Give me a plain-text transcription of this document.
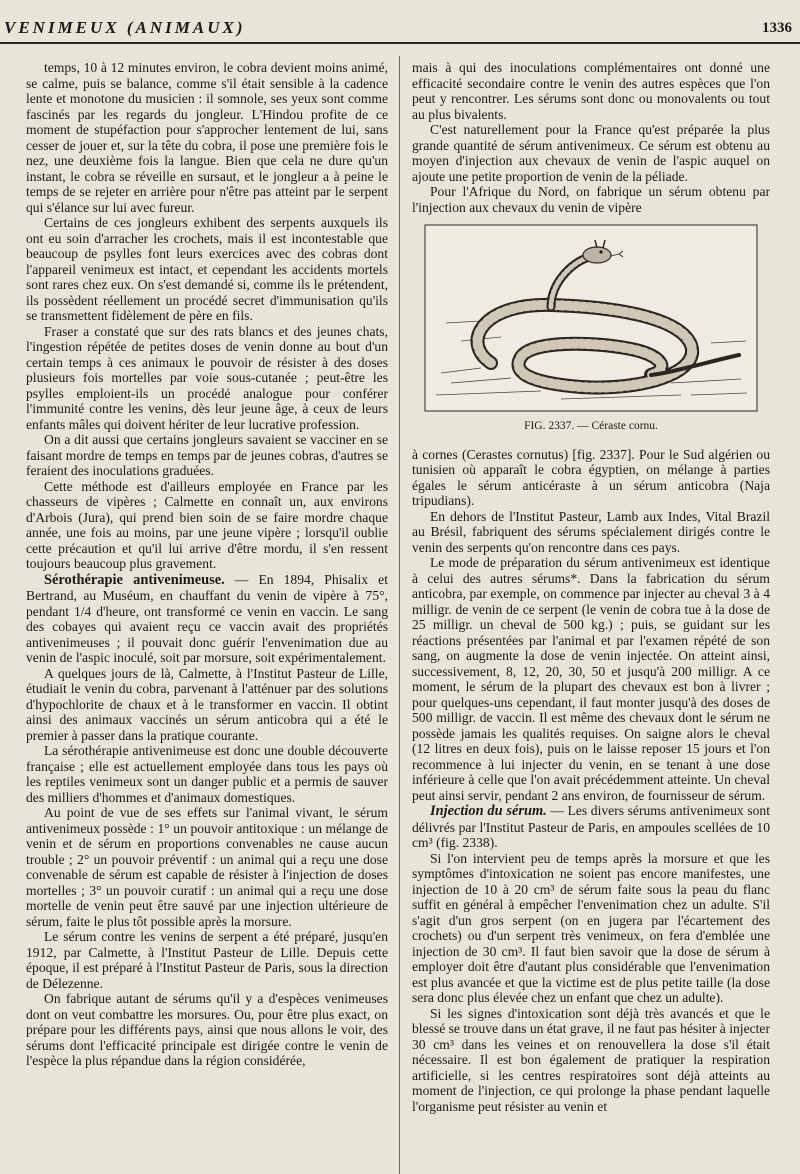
VENIMEUX (ANIMAUX)	1336

temps, 10 à 12 minutes environ, le cobra devient moins animé, se calme, puis se balance, comme s'il était sensible à la cadence lente et monotone du musicien : il somnole, ses yeux sont comme fascinés par les regards du jongleur. L'Hindou profite de ce moment de stupéfaction pour s'approcher lentement de lui, sans cesser de jouer et, sur la tête du cobra, il pose une première fois le nez, une deuxième fois la langue. Bien que cela ne dure qu'un instant, le cobra se réveille en sursaut, et le jongleur a à peine le temps de se rejeter en arrière pour n'être pas atteint par le serpent qui s'élance sur lui avec fureur.

Certains de ces jongleurs exhibent des serpents auxquels ils ont eu soin d'arracher les crochets, mais il est incontestable que beaucoup de psylles font leurs exercices avec des cobras dont l'appareil venimeux est intact, et cependant les accidents mortels sont rares chez eux. On s'est demandé si, comme ils le prétendent, ils possèdent réellement un procédé secret d'immunisation qu'ils se transmettent fidèlement de père en fils.

Fraser a constaté que sur des rats blancs et des jeunes chats, l'ingestion répétée de petites doses de venin donne au bout d'un certain temps à ces animaux le pouvoir de résister à des doses plusieurs fois mortelles par voie sous-cutanée ; peut-être les psylles emploient-ils un procédé analogue pour conférer l'immunité contre les venins, dès leur jeune âge, à ceux de leurs enfants mâles qui doivent hériter de leur lucrative profession.

On a dit aussi que certains jongleurs savaient se vacciner en se faisant mordre de temps en temps par de jeunes cobras, d'autres se feraient des inoculations graduées.

Cette méthode est d'ailleurs employée en France par les chasseurs de vipères ; Calmette en connaît un, aux environs d'Arbois (Jura), qui prend bien soin de se faire mordre chaque année, une fois au moins, par une jeune vipère ; lorsqu'il oublie cette précaution et qu'il lui arrive d'être mordu, il s'en ressent toujours beaucoup plus gravement.

Sérothérapie antivenimeuse. — En 1894, Phisalix et Bertrand, au Muséum, en chauffant du venin de vipère à 75°, pendant 1/4 d'heure, ont transformé ce venin en vaccin. Le sang des cobayes qui avaient reçu ce vaccin avait des propriétés antivenimeuses ; il pouvait donc guérir l'envenimation due au venin de l'aspic inoculé, soit par morsure, soit expérimentalement.

A quelques jours de là, Calmette, à l'Institut Pasteur de Lille, étudiait le venin du cobra, parvenant à l'atténuer par des solutions d'hypochlorite de chaux et à le transformer en vaccin. Il obtint ainsi des animaux vaccinés un sérum anticobra qui a été le premier à passer dans la pratique courante.

La sérothérapie antivenimeuse est donc une double découverte française ; elle est actuellement employée dans tous les pays où les reptiles venimeux sont un danger public et a permis de sauver des milliers d'hommes et d'animaux domestiques.

Au point de vue de ses effets sur l'animal vivant, le sérum antivenimeux possède : 1° un pouvoir antitoxique : un mélange de venin et de sérum en proportions convenables ne cause aucun trouble ; 2° un pouvoir préventif : un animal qui a reçu une dose convenable de sérum est capable de résister à l'injection de doses mortelles ; 3° un pouvoir curatif : un animal qui a reçu une dose mortelle de venin peut être sauvé par une injection ultérieure de sérum, faite le plus tôt possible après la morsure.

Le sérum contre les venins de serpent a été préparé, jusqu'en 1912, par Calmette, à l'Institut Pasteur de Lille. Depuis cette époque, il est préparé à l'Institut Pasteur de Paris, sous la direction de Délezenne.

On fabrique autant de sérums qu'il y a d'espèces venimeuses dont on veut combattre les morsures. Ou, pour être plus exact, on prépare pour les différents pays, ainsi que nous allons le voir, des sérums dont l'efficacité principale est dirigée contre le venin de l'espèce la plus répandue dans la région considérée,

mais à qui des inoculations complémentaires ont donné une efficacité secondaire contre le venin des autres espèces que l'on peut y rencontrer. Les sérums sont donc ou monovalents ou tout au plus bivalents.

C'est naturellement pour la France qu'est préparée la plus grande quantité de sérum antivenimeux. Ce sérum est obtenu au moyen d'injection aux chevaux de venin de l'aspic auquel on ajoute une petite proportion de venin de la péliade.

Pour l'Afrique du Nord, on fabrique un sérum obtenu par l'injection aux chevaux du venin de vipère

FIG. 2337. — Céraste cornu.

à cornes (Cerastes cornutus) [fig. 2337]. Pour le Sud algérien ou tunisien où apparaît le cobra égyptien, on mélange à parties égales le sérum anticéraste à un sérum anticobra (Naja tripudians).

En dehors de l'Institut Pasteur, Lamb aux Indes, Vital Brazil au Brésil, fabriquent des sérums spécialement dirigés contre le venin des serpents qu'on rencontre dans ces pays.

Le mode de préparation du sérum antivenimeux est identique à celui des autres sérums*. Dans la fabrication du sérum anticobra, par exemple, on commence par injecter au cheval 3 à 4 milligr. de venin de ce serpent (le venin de cobra tue à la dose de 25 milligr. un cheval de 500 kg.) ; puis, se guidant sur les réactions présentées par l'animal et par l'examen répété de son sang, on augmente la dose de venin injectée. On atteint ainsi, successivement, 8, 12, 20, 30, 50 et jusqu'à 200 milligr. A ce moment, le sérum de la plupart des chevaux est bon à livrer ; pour quelques-uns cependant, il faut monter jusqu'à des doses de 500 milligr. de vaccin. Il est même des chevaux dont le sérum ne possède jamais les qualités requises. On saigne alors le cheval (12 litres en deux fois), puis on le laisse reposer 15 jours et l'on recommence à lui injecter du venin, en se tenant à une dose inférieure à celle que l'on avait précédemment atteinte. Un cheval peut ainsi servir, pendant 2 ans environ, de fournisseur de sérum.

Injection du sérum. — Les divers sérums antivenimeux sont délivrés par l'Institut Pasteur de Paris, en ampoules scellées de 10 cm³ (fig. 2338).

Si l'on intervient peu de temps après la morsure et que les symptômes d'intoxication ne soient pas encore manifestes, une injection de 10 à 20 cm³ de sérum faite sous la peau du flanc suffit en général à empêcher l'envenimation chez un adulte. S'il s'agit d'un gros serpent (on en jugera par l'écartement des crochets) ou d'un serpent très venimeux, on fera d'emblée une injection de 30 cm³. Il faut bien savoir que la dose de sérum à employer doit être d'autant plus considérable que l'envenimation est plus avancée et que la victime est de plus petite taille (la dose sera donc plus élevée chez un enfant que chez un adulte).

Si les signes d'intoxication sont déjà très avancés et que le blessé se trouve dans un état grave, il ne faut pas hésiter à injecter 30 cm³ dans les veines et on renouvellera la dose s'il était nécessaire. Il est bon également de pratiquer la respiration artificielle, si les centres respiratoires sont déjà atteints au moment de l'injection, ce qui prolonge la phase pendant laquelle l'organisme peut résister au venin et
